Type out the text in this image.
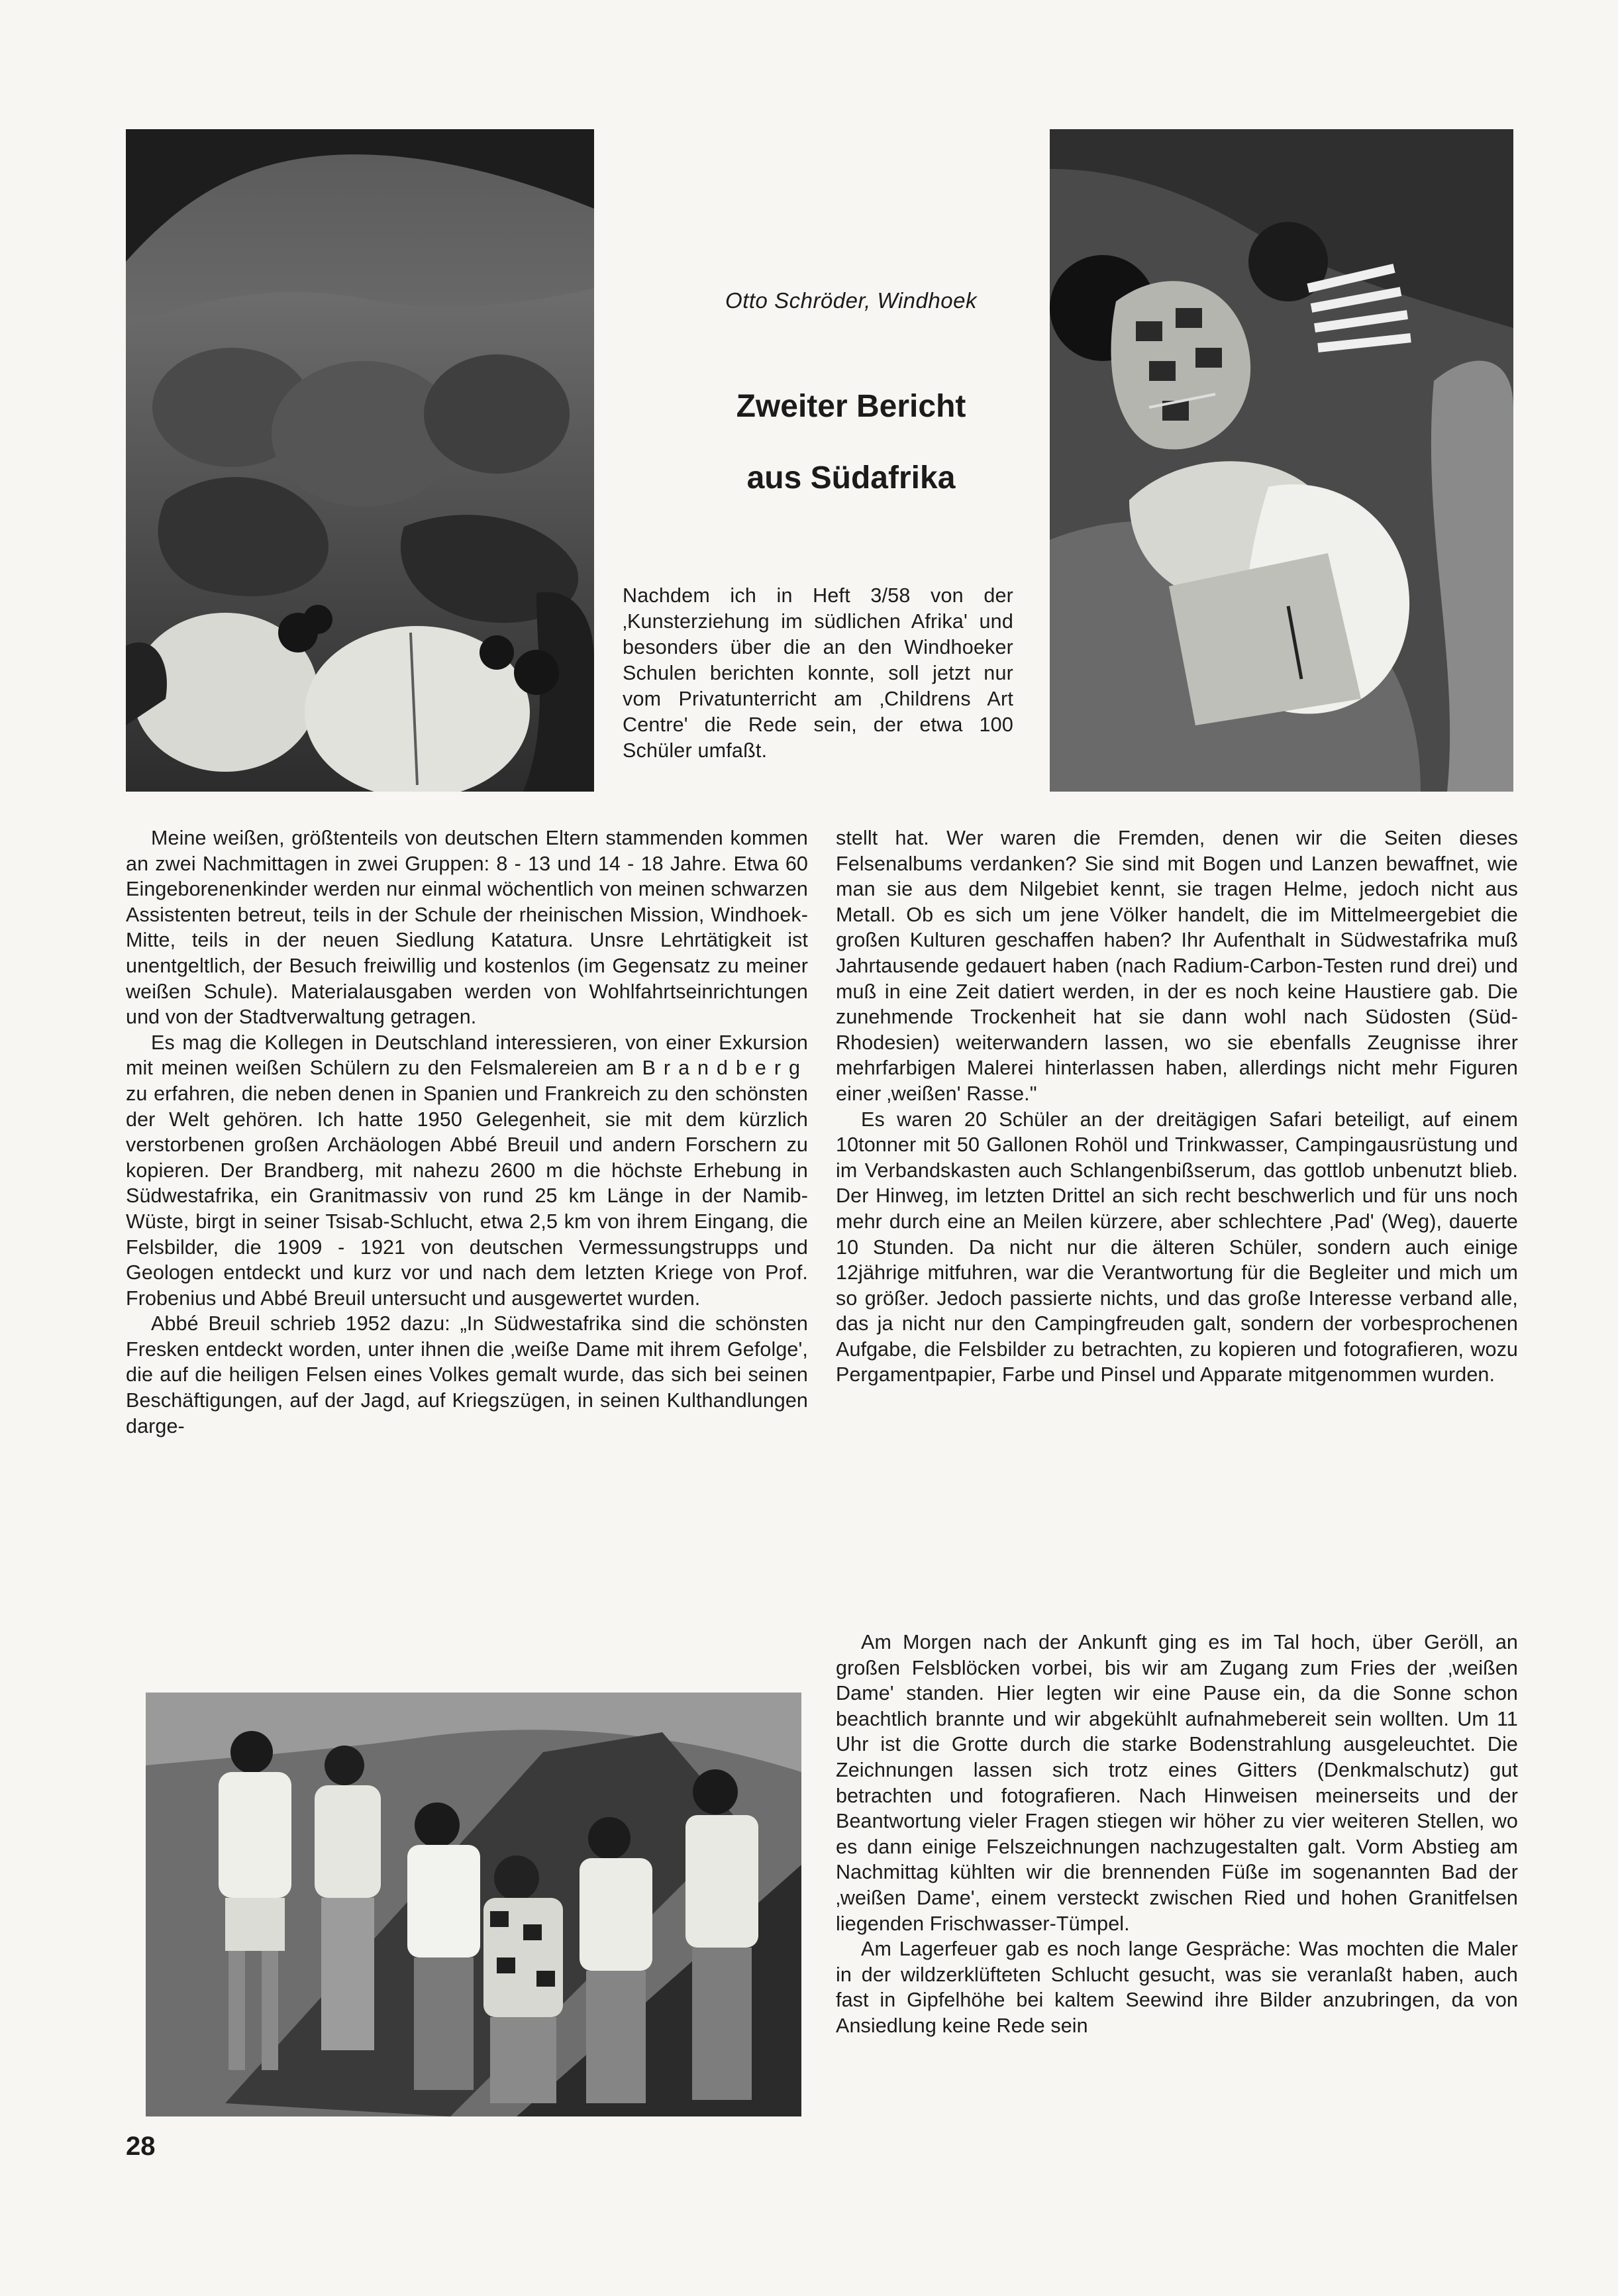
Otto Schröder, Windhoek
Zweiter Bericht
aus Südafrika
Nachdem ich in Heft 3/58 von der ‚Kunsterziehung im südlichen Afrika' und besonders über die an den Windhoeker Schulen berichten konnte, soll jetzt nur vom Privatunterricht am ‚Childrens Art Centre' die Rede sein, der etwa 100 Schüler umfaßt.

Meine weißen, größtenteils von deutschen Eltern stammenden kommen an zwei Nachmittagen in zwei Gruppen: 8 - 13 und 14 - 18 Jahre. Etwa 60 Eingeborenenkinder werden nur einmal wöchentlich von meinen schwarzen Assistenten betreut, teils in der Schule der rheinischen Mission, Windhoek-Mitte, teils in der neuen Siedlung Katatura. Unsre Lehrtätigkeit ist unentgeltlich, der Besuch freiwillig und kostenlos (im Gegensatz zu meiner weißen Schule). Materialausgaben werden von Wohlfahrtseinrichtungen und von der Stadtverwaltung getragen.

Es mag die Kollegen in Deutschland interessieren, von einer Exkursion mit meinen weißen Schülern zu den Felsmalereien am Brandberg zu erfahren, die neben denen in Spanien und Frankreich zu den schönsten der Welt gehören. Ich hatte 1950 Gelegenheit, sie mit dem kürzlich verstorbenen großen Archäologen Abbé Breuil und andern Forschern zu kopieren. Der Brandberg, mit nahezu 2600 m die höchste Erhebung in Südwestafrika, ein Granitmassiv von rund 25 km Länge in der Namib-Wüste, birgt in seiner Tsisab-Schlucht, etwa 2,5 km von ihrem Eingang, die Felsbilder, die 1909 - 1921 von deutschen Vermessungstrupps und Geologen entdeckt und kurz vor und nach dem letzten Kriege von Prof. Frobenius und Abbé Breuil untersucht und ausgewertet wurden.

Abbé Breuil schrieb 1952 dazu: „In Südwestafrika sind die schönsten Fresken entdeckt worden, unter ihnen die ‚weiße Dame mit ihrem Gefolge', die auf die heiligen Felsen eines Volkes gemalt wurde, das sich bei seinen Beschäftigungen, auf der Jagd, auf Kriegszügen, in seinen Kulthandlungen darge-

stellt hat. Wer waren die Fremden, denen wir die Seiten dieses Felsenalbums verdanken? Sie sind mit Bogen und Lanzen bewaffnet, wie man sie aus dem Nilgebiet kennt, sie tragen Helme, jedoch nicht aus Metall. Ob es sich um jene Völker handelt, die im Mittelmeergebiet die großen Kulturen geschaffen haben? Ihr Aufenthalt in Südwestafrika muß Jahrtausende gedauert haben (nach Radium-Carbon-Testen rund drei) und muß in eine Zeit datiert werden, in der es noch keine Haustiere gab. Die zunehmende Trockenheit hat sie dann wohl nach Südosten (Süd-Rhodesien) weiterwandern lassen, wo sie ebenfalls Zeugnisse ihrer mehrfarbigen Malerei hinterlassen haben, allerdings nicht mehr Figuren einer ‚weißen' Rasse."

Es waren 20 Schüler an der dreitägigen Safari beteiligt, auf einem 10tonner mit 50 Gallonen Rohöl und Trinkwasser, Campingausrüstung und im Verbandskasten auch Schlangenbißserum, das gottlob unbenutzt blieb. Der Hinweg, im letzten Drittel an sich recht beschwerlich und für uns noch mehr durch eine an Meilen kürzere, aber schlechtere ‚Pad' (Weg), dauerte 10 Stunden. Da nicht nur die älteren Schüler, sondern auch einige 12jährige mitfuhren, war die Verantwortung für die Begleiter und mich um so größer. Jedoch passierte nichts, und das große Interesse verband alle, das ja nicht nur den Campingfreuden galt, sondern der vorbesprochenen Aufgabe, die Felsbilder zu betrachten, zu kopieren und fotografieren, wozu Pergamentpapier, Farbe und Pinsel und Apparate mitgenommen wurden.

Am Morgen nach der Ankunft ging es im Tal hoch, über Geröll, an großen Felsblöcken vorbei, bis wir am Zugang zum Fries der ‚weißen Dame' standen. Hier legten wir eine Pause ein, da die Sonne schon beachtlich brannte und wir abgekühlt aufnahmebereit sein wollten. Um 11 Uhr ist die Grotte durch die starke Bodenstrahlung ausgeleuchtet. Die Zeichnungen lassen sich trotz eines Gitters (Denkmalschutz) gut betrachten und fotografieren. Nach Hinweisen meinerseits und der Beantwortung vieler Fragen stiegen wir höher zu vier weiteren Stellen, wo es dann einige Felszeichnungen nachzugestalten galt. Vorm Abstieg am Nachmittag kühlten wir die brennenden Füße im sogenannten Bad der ‚weißen Dame', einem versteckt zwischen Ried und hohen Granitfelsen liegenden Frischwasser-Tümpel.

Am Lagerfeuer gab es noch lange Gespräche: Was mochten die Maler in der wildzerklüfteten Schlucht gesucht, was sie veranlaßt haben, auch fast in Gipfelhöhe bei kaltem Seewind ihre Bilder anzubringen, da von Ansiedlung keine Rede sein

28
